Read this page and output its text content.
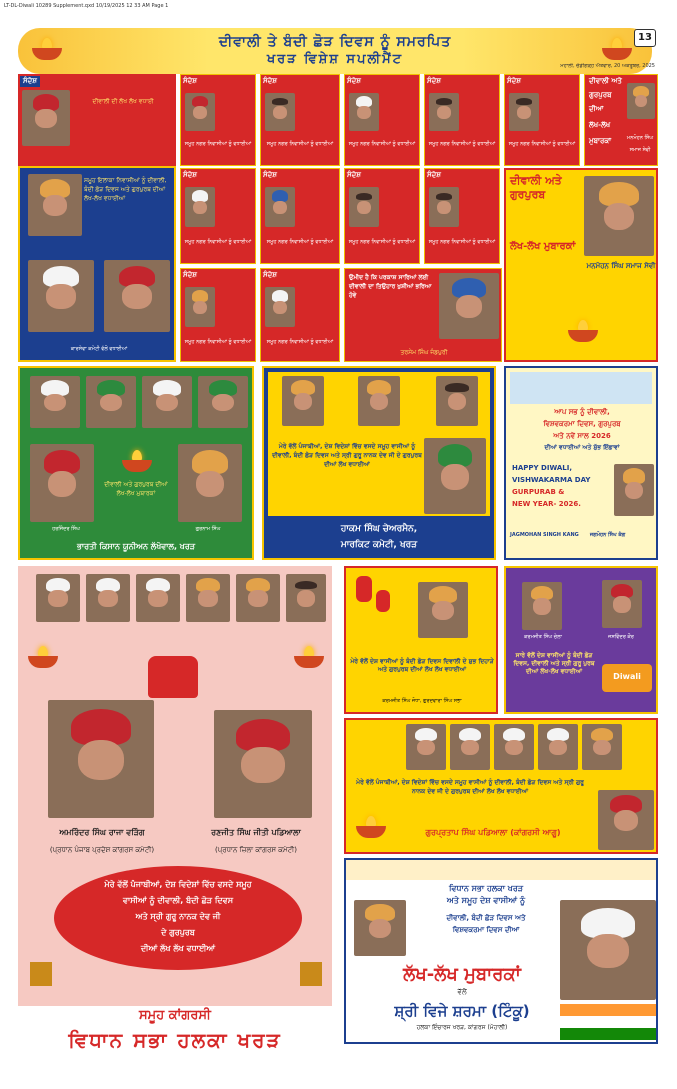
LT-DL-Diwali 10289 Supplement.qxd 10/19/2025 12 33 AM Page 1
ਦੀਵਾਲੀ ਤੇ ਬੰਦੀ ਛੋੜ ਦਿਵਸ ਨੂੰ ਸਮਰਪਿਤ
ਖਰੜ ਵਿਸ਼ੇਸ਼ ਸਪਲੀਮੈਂਟ
13
ਮੋਹਾਲੀ, ਚੰਡੀਗੜ੍ਹ ਐਤਵਾਰ, 20 ਅਕਤੂਬਰ, 2025
ਸੰਦੇਸ਼
ਦੀਵਾਲੀ ਦੀ ਲੱਖ ਲੱਖ ਵਧਾਈ
ਸੰਦੇਸ਼
ਸਮੂਹ ਨਗਰ ਨਿਵਾਸੀਆਂ ਨੂੰ ਵਧਾਈਆਂ
ਸੰਦੇਸ਼
ਸਮੂਹ ਨਗਰ ਨਿਵਾਸੀਆਂ ਨੂੰ ਵਧਾਈਆਂ
ਸੰਦੇਸ਼
ਸਮੂਹ ਨਗਰ ਨਿਵਾਸੀਆਂ ਨੂੰ ਵਧਾਈਆਂ
ਸੰਦੇਸ਼
ਸਮੂਹ ਨਗਰ ਨਿਵਾਸੀਆਂ ਨੂੰ ਵਧਾਈਆਂ
ਸੰਦੇਸ਼
ਸਮੂਹ ਨਗਰ ਨਿਵਾਸੀਆਂ ਨੂੰ ਵਧਾਈਆਂ
ਦੀਵਾਲੀ ਅਤੇ
ਗੁਰਪੁਰਬ
ਦੀਆਂ
ਲੱਖ-ਲੱਖ
ਮੁਬਾਰਕਾਂ	ਮਨਮੋਹਨ ਸਿੰਘ
ਸਮਾਜ ਸੇਵੀ
ਸਮੂਹ ਇਲਾਕਾ ਨਿਵਾਸੀਆਂ ਨੂੰ ਦੀਵਾਲੀ, ਬੰਦੀ ਛੋੜ ਦਿਵਸ ਅਤੇ ਗੁਰਪੁਰਬ ਦੀਆਂ ਲੱਖ-ਲੱਖ ਵਧਾਈਆਂ
ਕਾਰਸੇਵਾ ਕਮੇਟੀ ਵੱਲੋਂ ਵਧਾਈਆਂ
ਸੰਦੇਸ਼
ਸਮੂਹ ਨਗਰ ਨਿਵਾਸੀਆਂ ਨੂੰ ਵਧਾਈਆਂ
ਸੰਦੇਸ਼
ਸਮੂਹ ਨਗਰ ਨਿਵਾਸੀਆਂ ਨੂੰ ਵਧਾਈਆਂ
ਸੰਦੇਸ਼
ਸਮੂਹ ਨਗਰ ਨਿਵਾਸੀਆਂ ਨੂੰ ਵਧਾਈਆਂ
ਸੰਦੇਸ਼
ਸਮੂਹ ਨਗਰ ਨਿਵਾਸੀਆਂ ਨੂੰ ਵਧਾਈਆਂ
ਸੰਦੇਸ਼
ਸਮੂਹ ਨਗਰ ਨਿਵਾਸੀਆਂ ਨੂੰ ਵਧਾਈਆਂ
ਸੰਦੇਸ਼
ਸਮੂਹ ਨਗਰ ਨਿਵਾਸੀਆਂ ਨੂੰ ਵਧਾਈਆਂ
ਉਮੀਦ ਹੈ ਕਿ ਪਰਕਾਸ਼ ਸਾਰਿਆਂ ਲਈ ਦੀਵਾਲੀ ਦਾ ਤਿਉਹਾਰ ਖੁਸ਼ੀਆਂ ਭਰਿਆ ਹੋਵੇ
ਤਰਸੇਮ ਸਿੰਘ ਜੰਡਪੁਰੀ
ਦੀਵਾਲੀ ਅਤੇ ਗੁਰਪੁਰਬ
ਲੱਖ-ਲੱਖ ਮੁਬਾਰਕਾਂ
ਮਨਮੋਹਨ ਸਿੰਘ ਸਮਾਜ ਸੇਵੀ
ਦੀਵਾਲੀ ਅਤੇ ਗੁਰਪੁਰਬ ਦੀਆਂ ਲੱਖ-ਲੱਖ ਮੁਬਾਰਕਾਂ
ਹਰਜਿੰਦਰ ਸਿੰਘ	ਗੁਰਨਾਮ ਸਿੰਘ
ਭਾਰਤੀ ਕਿਸਾਨ ਯੂਨੀਅਨ ਲੱਖੋਵਾਲ, ਖਰੜ
ਮੇਰੇ ਵੱਲੋਂ ਪੰਜਾਬੀਆਂ, ਦੇਸ਼ ਵਿਦੇਸ਼ਾਂ ਵਿੱਚ ਵਸਦੇ ਸਮੂਹ ਵਾਸੀਆਂ ਨੂੰ ਦੀਵਾਲੀ, ਬੰਦੀ ਛੋੜ ਦਿਵਸ ਅਤੇ ਸ੍ਰੀ ਗੁਰੂ ਨਾਨਕ ਦੇਵ ਜੀ ਦੇ ਗੁਰਪੁਰਬ ਦੀਆਂ ਲੱਖ ਵਧਾਈਆਂ
ਹਾਕਮ ਸਿੰਘ ਚੇਅਰਮੈਨ,
ਮਾਰਕਿਟ ਕਮੇਟੀ, ਖਰੜ
ਆਪ ਸਭ ਨੂੰ ਦੀਵਾਲੀ,
ਵਿਸ਼ਵਕਰਮਾ ਦਿਵਸ, ਗੁਰਪੁਰਬ
ਅਤੇ ਨਵੇਂ ਸਾਲ 2026
ਦੀਆਂ ਵਧਾਈਆਂ ਅਤੇ ਸ਼ੁੱਭ ਇੱਛਾਵਾਂ
HAPPY DIWALI,
VISHWAKARMA DAY
GURPURAB &
NEW YEAR- 2026.
JAGMOHAN SINGH KANG	ਜਗਮੋਹਨ ਸਿੰਘ ਕੰਗ
ਅਮਰਿੰਦਰ ਸਿੰਘ ਰਾਜਾ ਵੜਿੰਗ
(ਪ੍ਰਧਾਨ ਪੰਜਾਬ ਪ੍ਰਦੇਸ਼ ਕਾਂਗਰਸ ਕਮੇਟੀ)
ਰਣਜੀਤ ਸਿੰਘ ਜੀਤੀ ਪਡਿਆਲਾ
(ਪ੍ਰਧਾਨ ਜ਼ਿਲਾ ਕਾਂਗਰਸ ਕਮੇਟੀ)
ਮੇਰੇ ਵੱਲੋਂ ਪੰਜਾਬੀਆਂ, ਦੇਸ਼ ਵਿਦੇਸ਼ਾਂ ਵਿੱਚ ਵਸਦੇ ਸਮੂਹ
ਵਾਸੀਆਂ ਨੂੰ ਦੀਵਾਲੀ, ਬੰਦੀ ਛੋੜ ਦਿਵਸ
ਅਤੇ ਸ੍ਰੀ ਗੁਰੂ ਨਾਨਕ ਦੇਵ ਜੀ
ਦੇ ਗੁਰਪੁਰਬ
ਦੀਆਂ ਲੱਖ ਲੱਖ ਵਧਾਈਆਂ
ਸਮੂਹ ਕਾਂਗਰਸੀ
ਵਿਧਾਨ ਸਭਾ ਹਲਕਾ ਖਰੜ
ਮੇਰੇ ਵੱਲੋਂ ਦੇਸ਼ ਵਾਸੀਆਂ ਨੂੰ ਬੰਦੀ ਛੋੜ ਦਿਵਸ ਦਿਵਾਲੀ ਦੇ ਸ਼ੁਭ ਦਿਹਾੜੇ ਅਤੇ ਗੁਰਪੁਰਬ ਦੀਆਂ ਲੱਖ ਲੱਖ ਵਧਾਈਆਂ
ਕਰਮਜੀਤ ਸਿੰਘ ਜੋਧਾ, ਗੁਰਦਵਾਰਾ ਸਿੰਘ ਸਭਾ
ਕਰਮਜੀਤ ਸਿੰਘ ਚੇਲਾ	ਜਸਵਿੰਦਰ ਕੌਰ
ਸਾਰੇ ਵੱਲੋਂ ਦੇਸ਼ ਵਾਸੀਆਂ ਨੂੰ ਬੰਦੀ ਛੋੜ ਦਿਵਸ, ਦੀਵਾਲੀ ਅਤੇ ਸ੍ਰੀ ਗੁਰੂ ਪੁਰਬ ਦੀਆਂ ਲੱਖ-ਲੱਖ ਵਧਾਈਆਂ
Diwali
ਮੇਰੇ ਵੱਲੋਂ ਪੰਜਾਬੀਆਂ, ਦੇਸ਼ ਵਿਦੇਸ਼ਾਂ ਵਿੱਚ ਵਸਦੇ ਸਮੂਹ ਵਾਸੀਆਂ ਨੂੰ ਦੀਵਾਲੀ, ਬੰਦੀ ਛੋੜ ਦਿਵਸ ਅਤੇ ਸ੍ਰੀ ਗੁਰੂ ਨਾਨਕ ਦੇਵ ਜੀ ਦੇ ਗੁਰਪੁਰਬ ਦੀਆਂ ਲੱਖ ਲੱਖ ਵਧਾਈਆਂ
ਗੁਰਪ੍ਰਤਾਪ ਸਿੰਘ ਪਡਿਆਲਾ (ਕਾਂਗਰਸੀ ਆਗੂ)
ਵਿਧਾਨ ਸਭਾ ਹਲਕਾ ਖਰੜ
ਅਤੇ ਸਮੂਹ ਦੇਸ਼ ਵਾਸੀਆਂ ਨੂੰ
ਦੀਵਾਲੀ, ਬੰਦੀ ਛੋੜ ਦਿਵਸ ਅਤੇ
ਵਿਸ਼ਵਕਰਮਾ ਦਿਵਸ ਦੀਆਂ
ਲੱਖ-ਲੱਖ ਮੁਬਾਰਕਾਂ
ਵੱਲੋਂ
ਸ਼੍ਰੀ ਵਿਜੇ ਸ਼ਰਮਾ (ਟਿੰਕੂ)
ਹਲਕਾ ਇੰਚਾਰਜ ਖਰੜ, ਕਾਂਗਰਸ (ਮੋਹਾਲੀ)
